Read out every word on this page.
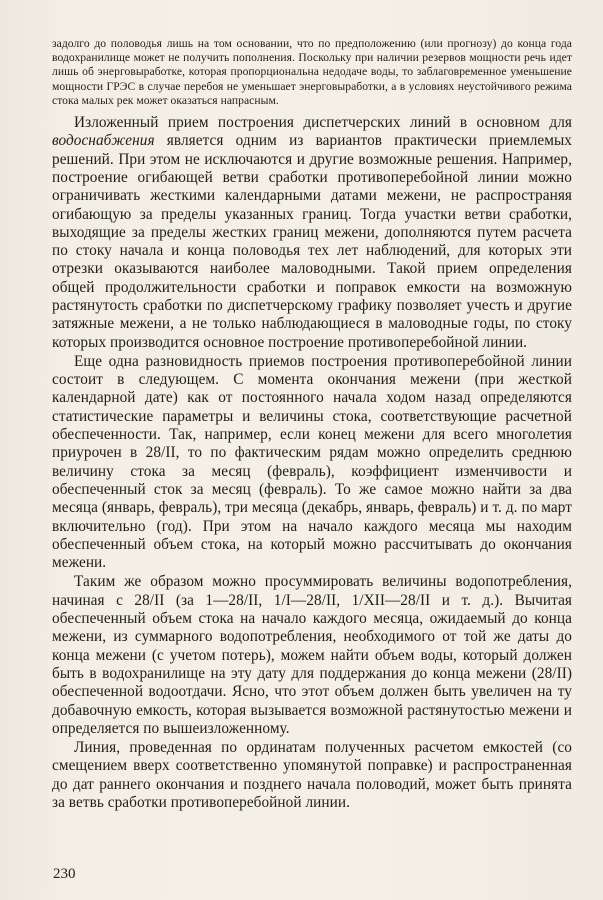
задолго до половодья лишь на том основании, что по предположению (или прогнозу) до конца года водохранилище может не получить пополнения. Поскольку при наличии резервов мощности речь идет лишь об энерговыработке, которая пропорциональна недодаче воды, то заблаговременное уменьшение мощности ГРЭС в случае перебоя не уменьшает энерговыработки, а в условиях неустойчивого режима стока малых рек может оказаться напрасным.

Изложенный прием построения диспетчерских линий в основном для водоснабжения является одним из вариантов практически приемлемых решений. При этом не исключаются и другие возможные решения. Например, построение огибающей ветви сработки противоперебойной линии можно ограничивать жесткими календарными датами межени, не распространяя огибающую за пределы указанных границ. Тогда участки ветви сработки, выходящие за пределы жестких границ межени, дополняются путем расчета по стоку начала и конца половодья тех лет наблюдений, для которых эти отрезки оказываются наиболее маловодными. Такой прием определения общей продолжительности сработки и поправок емкости на возможную растянутость сработки по диспетчерскому графику позволяет учесть и другие затяжные межени, а не только наблюдающиеся в маловодные годы, по стоку которых производится основное построение противоперебойной линии.

Еще одна разновидность приемов построения противоперебойной линии состоит в следующем. С момента окончания межени (при жесткой календарной дате) как от постоянного начала ходом назад определяются статистические параметры и величины стока, соответствующие расчетной обеспеченности. Так, например, если конец межени для всего многолетия приурочен в 28/II, то по фактическим рядам можно определить среднюю величину стока за месяц (февраль), коэффициент изменчивости и обеспеченный сток за месяц (февраль). То же самое можно найти за два месяца (январь, февраль), три месяца (декабрь, январь, февраль) и т. д. по март включительно (год). При этом на начало каждого месяца мы находим обеспеченный объем стока, на который можно рассчитывать до окончания межени.

Таким же образом можно просуммировать величины водопотребления, начиная с 28/II (за 1—28/II, 1/I—28/II, 1/XII—28/II и т. д.). Вычитая обеспеченный объем стока на начало каждого месяца, ожидаемый до конца межени, из суммарного водопотребления, необходимого от той же даты до конца межени (с учетом потерь), можем найти объем воды, который должен быть в водохранилище на эту дату для поддержания до конца межени (28/II) обеспеченной водоотдачи. Ясно, что этот объем должен быть увеличен на ту добавочную емкость, которая вызывается возможной растянутостью межени и определяется по вышеизложенному.

Линия, проведенная по ординатам полученных расчетом емкостей (со смещением вверх соответственно упомянутой поправке) и распространенная до дат раннего окончания и позднего начала половодий, может быть принята за ветвь сработки противоперебойной линии.

230
